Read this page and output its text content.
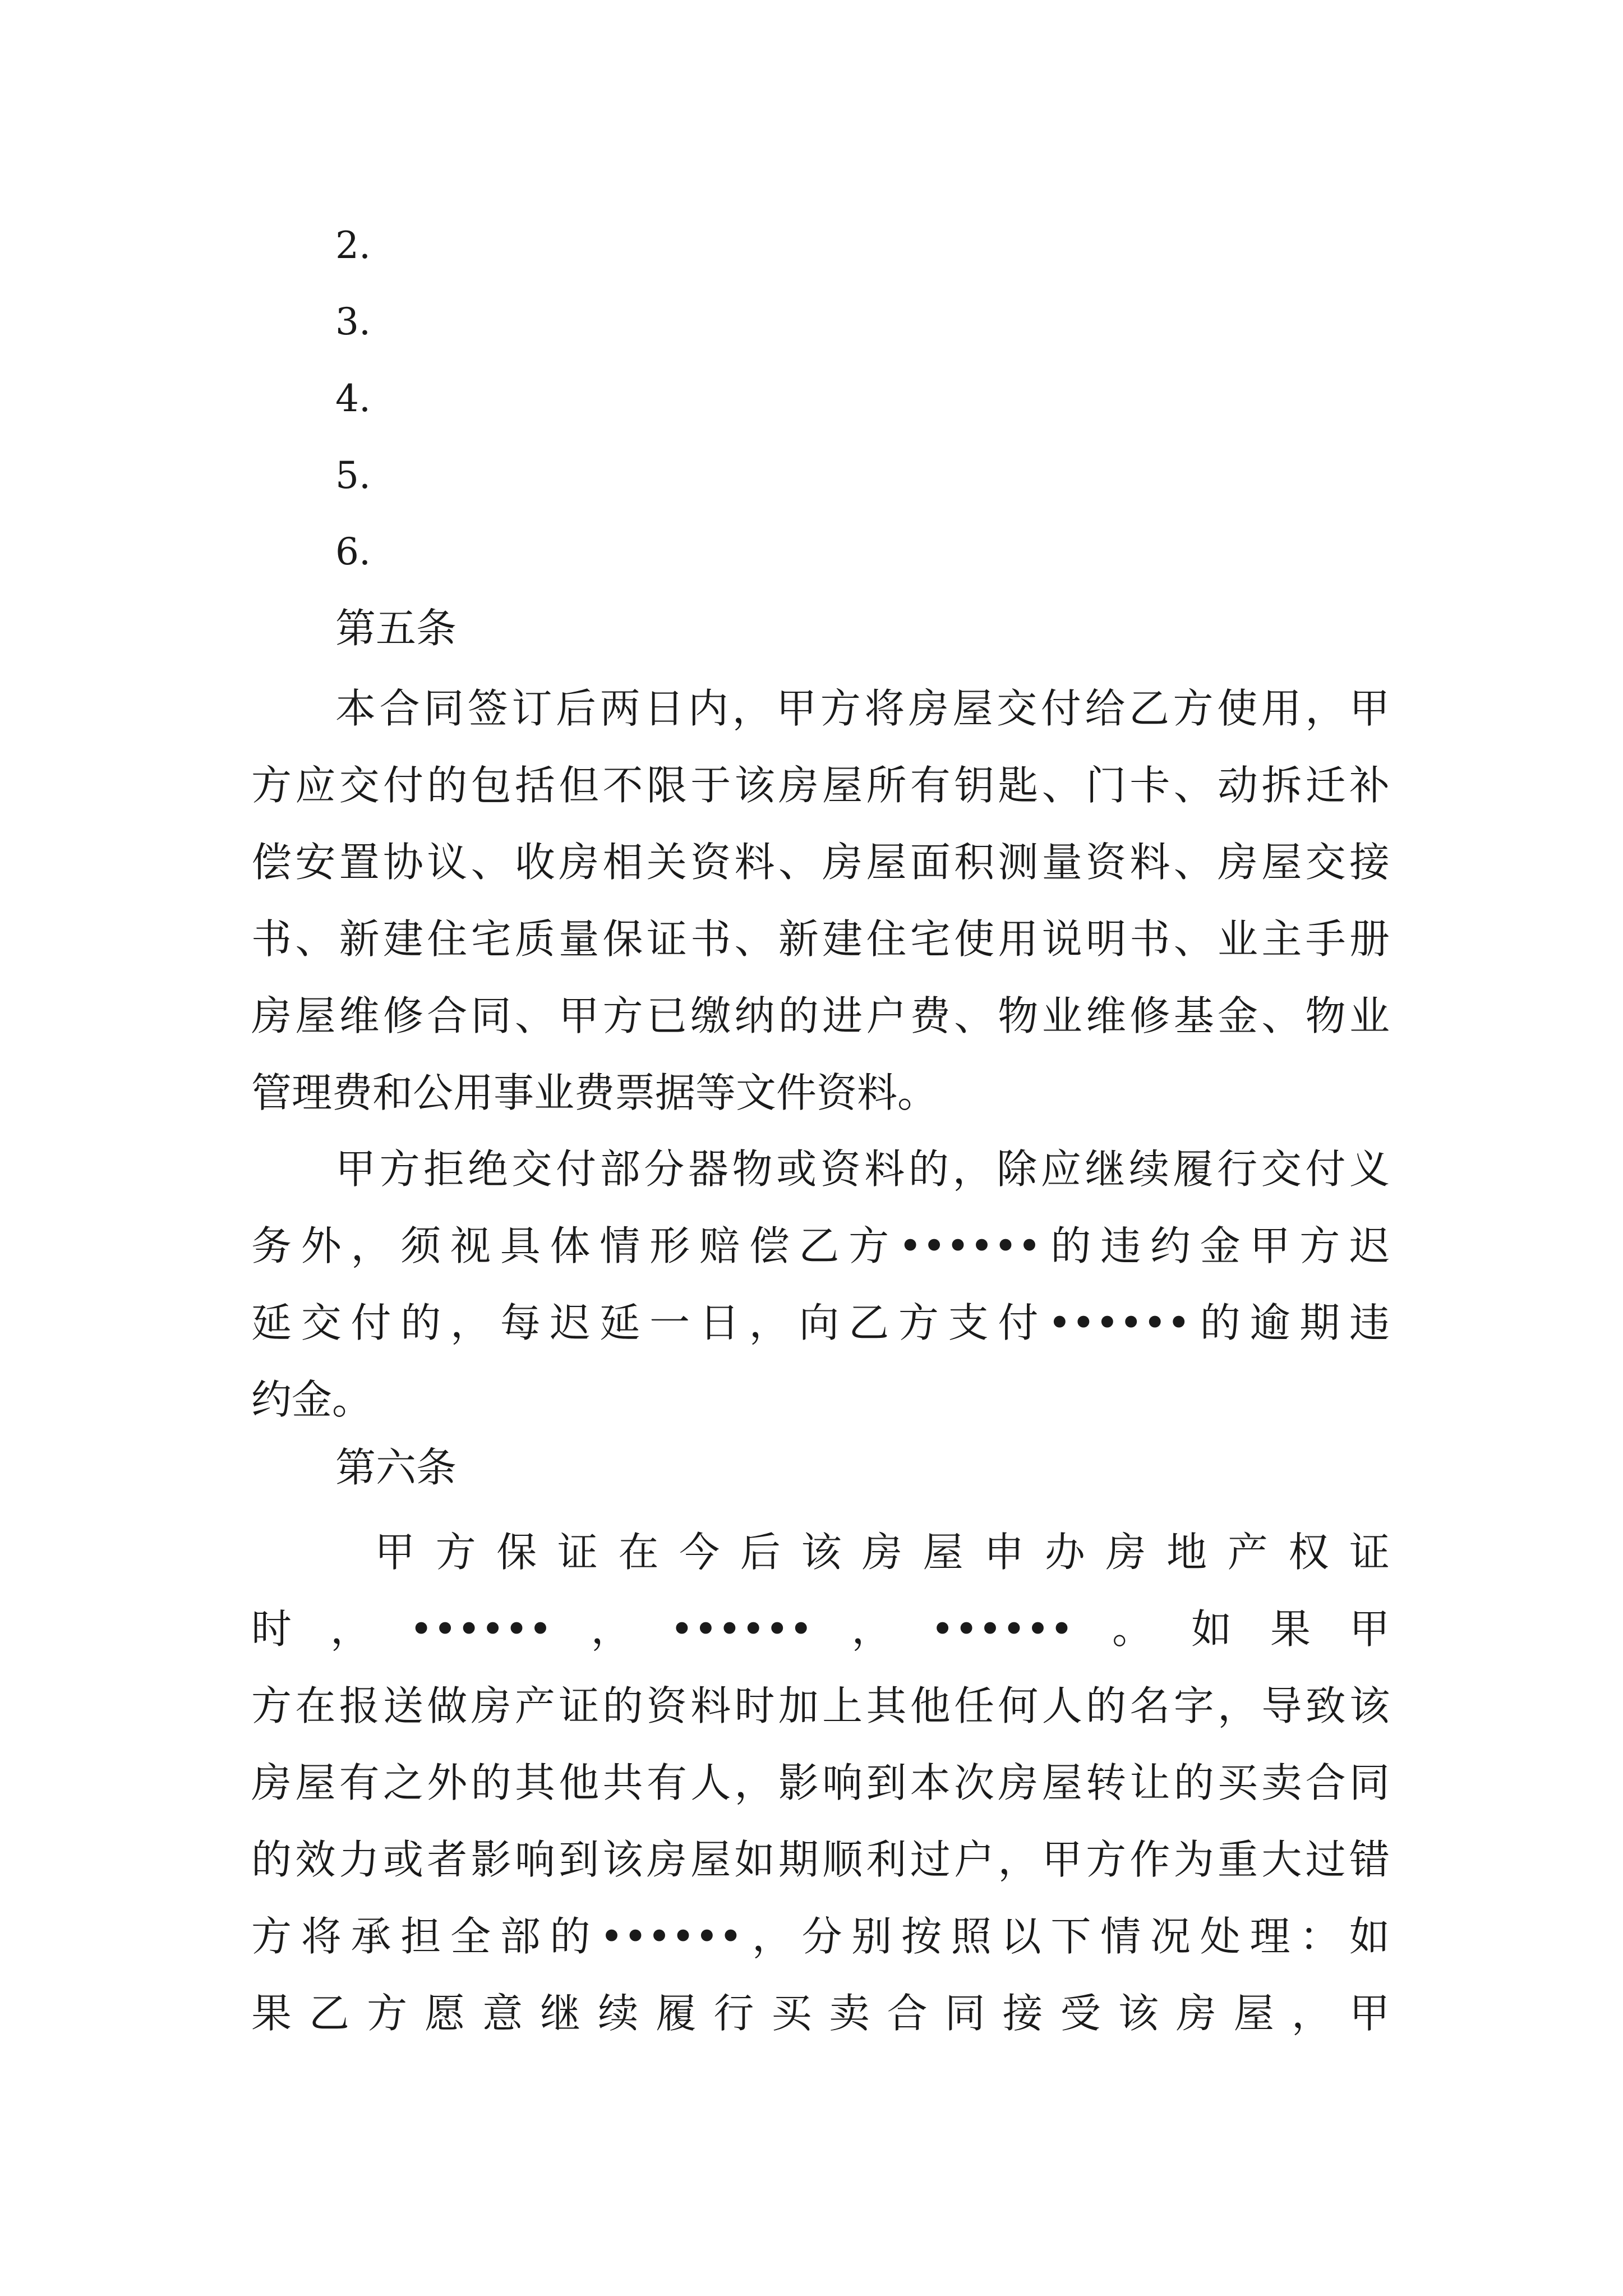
2.

3.

4.

5.

6.

第五条
本合同签订后两日内，甲方将房屋交付给乙方使用，甲
方应交付的包括但不限于该房屋所有钥匙、门卡、动拆迁补
偿安置协议、收房相关资料、房屋面积测量资料、房屋交接
书、新建住宅质量保证书、新建住宅使用说明书、业主手册
房屋维修合同、甲方已缴纳的进户费、物业维修基金、物业
管理费和公用事业费票据等文件资料。
甲方拒绝交付部分器物或资料的，除应继续履行交付义
务外，须视具体情形赔偿乙方••••••的违约金甲方迟
延交付的，每迟延一日，向乙方支付••••••的逾期违
约金。
第六条
甲方保证在今后该房屋申办房地产权证
时，••••••，••••••，••••••。如果甲
方在报送做房产证的资料时加上其他任何人的名字，导致该
房屋有之外的其他共有人，影响到本次房屋转让的买卖合同
的效力或者影响到该房屋如期顺利过户，甲方作为重大过错
方将承担全部的••••••，分别按照以下情况处理：如
果乙方愿意继续履行买卖合同接受该房屋，甲
